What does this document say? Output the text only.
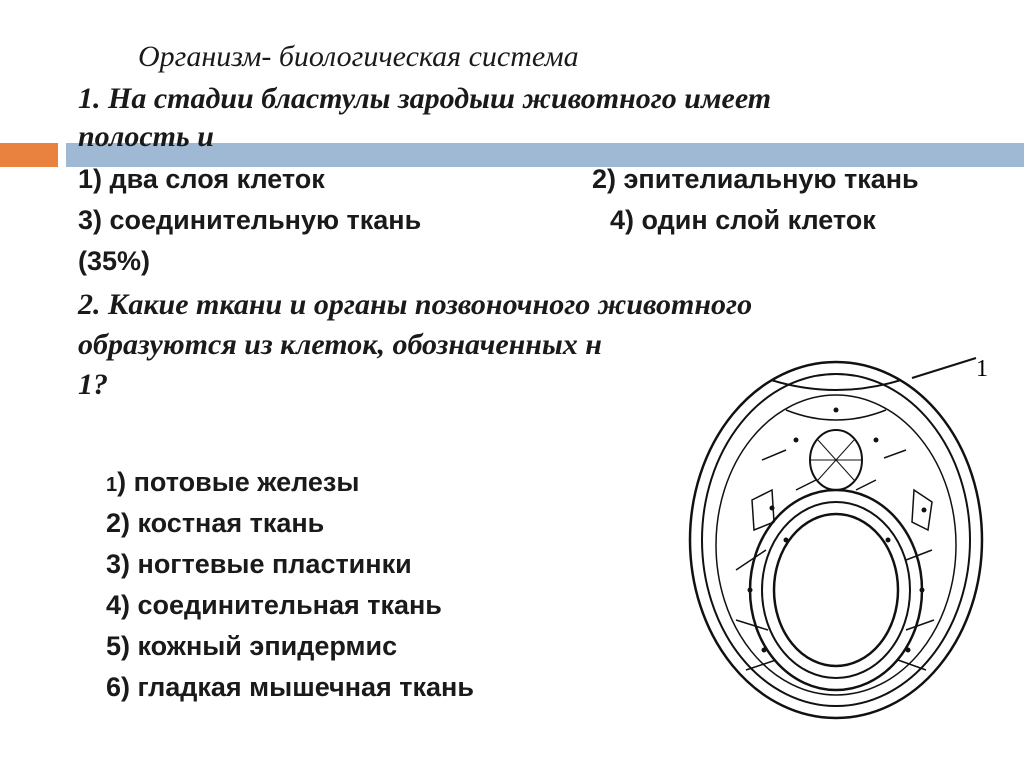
Организм- биологическая система
1. На стадии бластулы зародыш животного имеет
полость и
1) два слоя клеток	2) эпителиальную ткань
3) соединительную ткань	4) один слой клеток
(35%)
2. Какие ткани и органы позвоночного животного
образуются из клеток, обозначенных н
1?
1) потовые железы
2) костная ткань
3) ногтевые пластинки
4) соединительная ткань
5) кожный эпидермис
6) гладкая мышечная ткань
1
